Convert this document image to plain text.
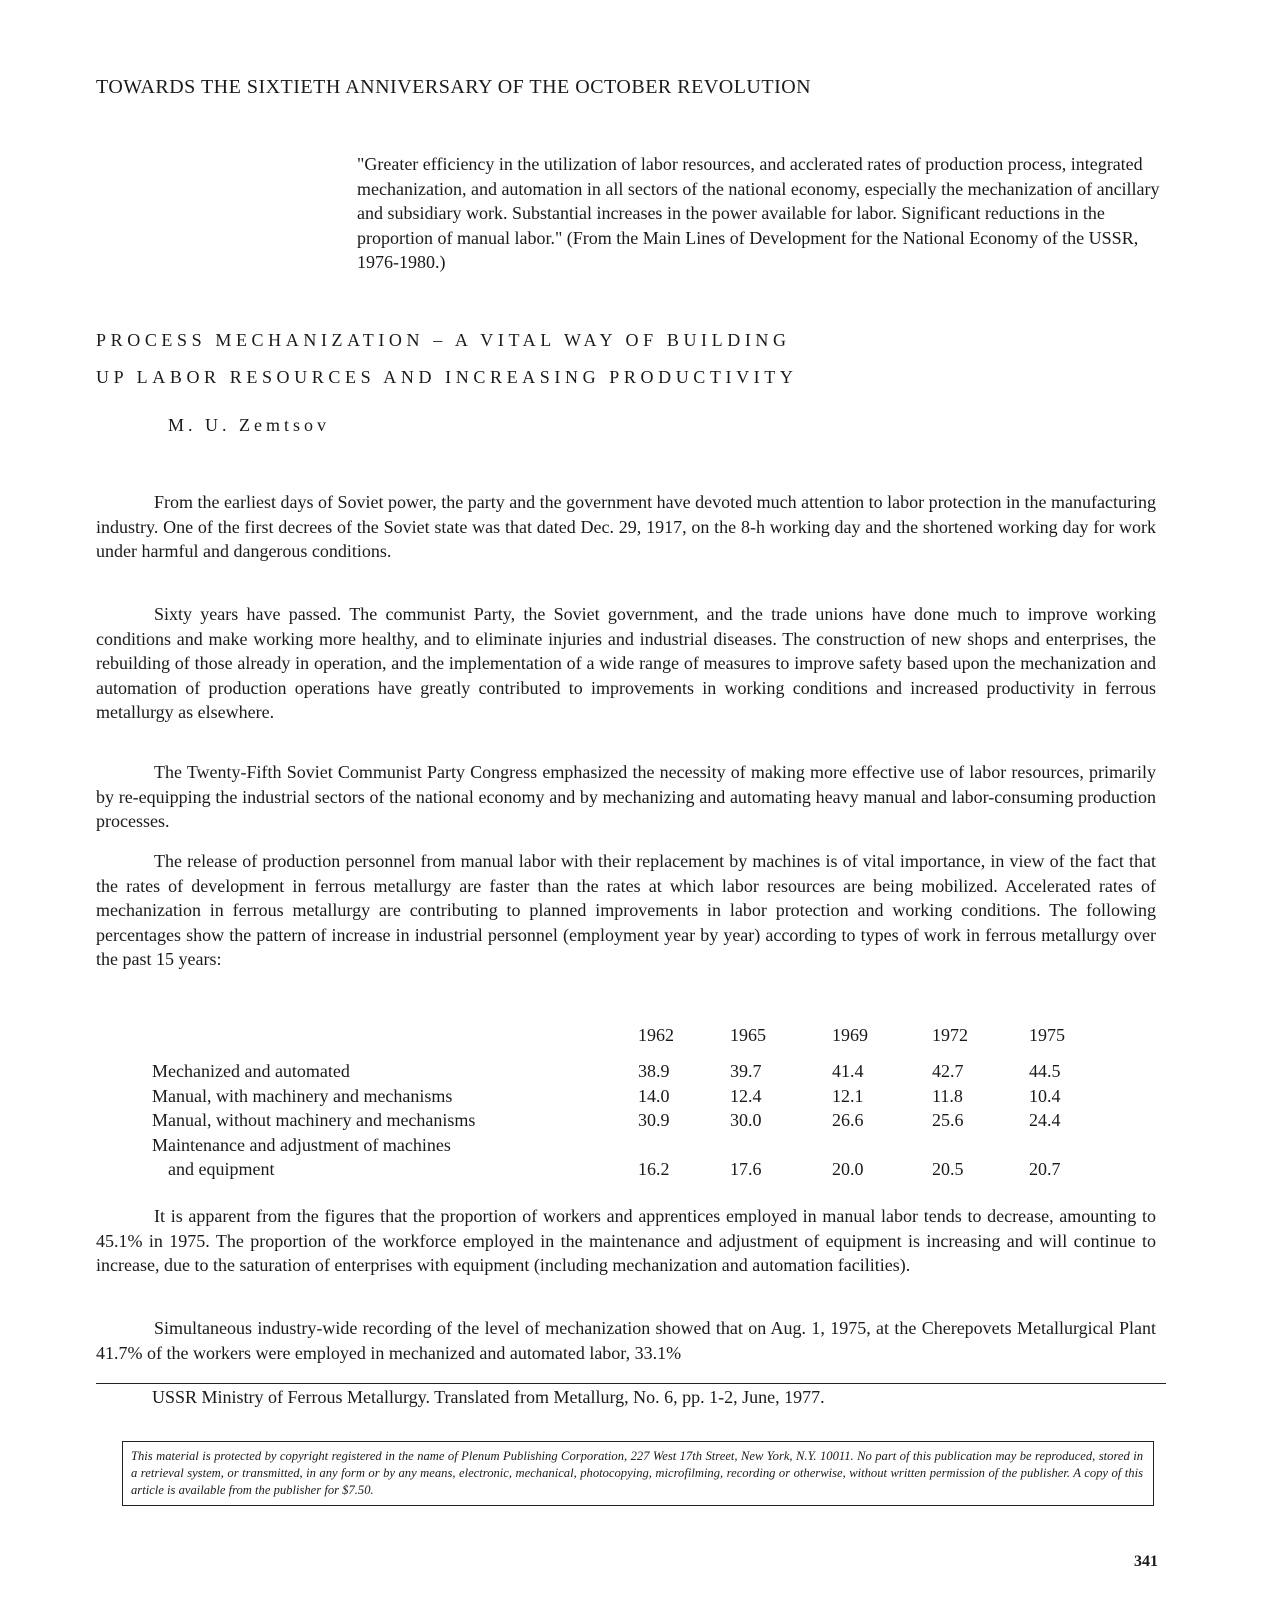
TOWARDS THE SIXTIETH ANNIVERSARY OF THE OCTOBER REVOLUTION
"Greater efficiency in the utilization of labor resources, and acclerated rates of production process, integrated mechanization, and automation in all sectors of the national economy, especially the mechanization of ancillary and subsidiary work. Substantial increases in the power available for labor. Significant reductions in the proportion of manual labor." (From the Main Lines of Development for the National Economy of the USSR, 1976-1980.)
PROCESS MECHANIZATION – A VITAL WAY OF BUILDING
UP LABOR RESOURCES AND INCREASING PRODUCTIVITY
M. U. Zemtsov

From the earliest days of Soviet power, the party and the government have devoted much attention to labor protection in the manufacturing industry. One of the first decrees of the Soviet state was that dated Dec. 29, 1917, on the 8-h working day and the shortened working day for work under harmful and dangerous conditions.

Sixty years have passed. The communist Party, the Soviet government, and the trade unions have done much to improve working conditions and make working more healthy, and to eliminate injuries and industrial diseases. The construction of new shops and enterprises, the rebuilding of those already in operation, and the implementation of a wide range of measures to improve safety based upon the mechanization and automation of production operations have greatly contributed to improvements in working conditions and increased productivity in ferrous metallurgy as elsewhere.

The Twenty-Fifth Soviet Communist Party Congress emphasized the necessity of making more effective use of labor resources, primarily by re-equipping the industrial sectors of the national economy and by mechanizing and automating heavy manual and labor-consuming production processes.

The release of production personnel from manual labor with their replacement by machines is of vital importance, in view of the fact that the rates of development in ferrous metallurgy are faster than the rates at which labor resources are being mobilized. Accelerated rates of mechanization in ferrous metallurgy are contributing to planned improvements in labor protection and working conditions. The following percentages show the pattern of increase in industrial personnel (employment year by year) according to types of work in ferrous metallurgy over the past 15 years:

1962	1965	1969	1972	1975
Mechanized and automated	38.9	39.7	41.4	42.7	44.5
Manual, with machinery and mechanisms	14.0	12.4	12.1	11.8	10.4
Manual, without machinery and mechanisms	30.9	30.0	26.6	25.6	24.4
Maintenance and adjustment of machines
and equipment	16.2	17.6	20.0	20.5	20.7

It is apparent from the figures that the proportion of workers and apprentices employed in manual labor tends to decrease, amounting to 45.1% in 1975. The proportion of the workforce employed in the maintenance and adjustment of equipment is increasing and will continue to increase, due to the saturation of enterprises with equipment (including mechanization and automation facilities).

Simultaneous industry-wide recording of the level of mechanization showed that on Aug. 1, 1975, at the Cherepovets Metallurgical Plant 41.7% of the workers were employed in mechanized and automated labor, 33.1%

USSR Ministry of Ferrous Metallurgy. Translated from Metallurg, No. 6, pp. 1-2, June, 1977.
This material is protected by copyright registered in the name of Plenum Publishing Corporation, 227 West 17th Street, New York, N.Y. 10011. No part of this publication may be reproduced, stored in a retrieval system, or transmitted, in any form or by any means, electronic, mechanical, photocopying, microfilming, recording or otherwise, without written permission of the publisher. A copy of this article is available from the publisher for $7.50.
341
